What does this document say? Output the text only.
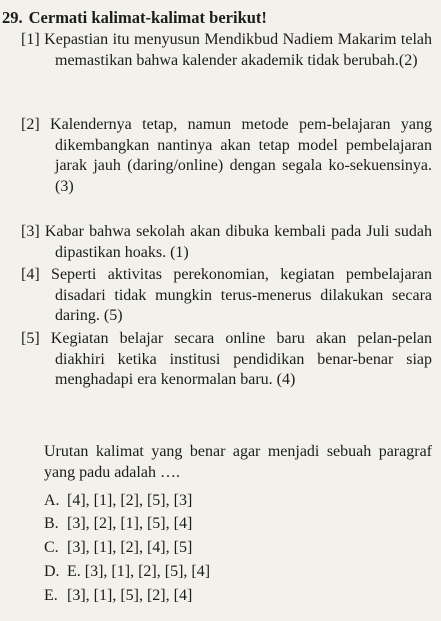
29. Cermati kalimat-kalimat berikut!
[1] Kepastian itu menyusun Mendikbud Nadiem Makarim telah memastikan bahwa kalender akademik tidak berubah.(2)
[2] Kalendernya tetap, namun metode pem-belajaran yang dikembangkan nantinya akan tetap model pembelajaran jarak jauh (daring/online) dengan segala ko-sekuensinya. (3)
[3] Kabar bahwa sekolah akan dibuka kembali pada Juli sudah dipastikan hoaks. (1)
[4] Seperti aktivitas perekonomian, kegiatan pembelajaran disadari tidak mungkin terus-menerus dilakukan secara daring. (5)
[5] Kegiatan belajar secara online baru akan pelan-pelan diakhiri ketika institusi pendidikan benar-benar siap menghadapi era kenormalan baru. (4)
Urutan kalimat yang benar agar menjadi sebuah paragraf yang padu adalah ….
A. [4], [1], [2], [5], [3]
B. [3], [2], [1], [5], [4]
C. [3], [1], [2], [4], [5]
D. E. [3], [1], [2], [5], [4]
E. [3], [1], [5], [2], [4]
